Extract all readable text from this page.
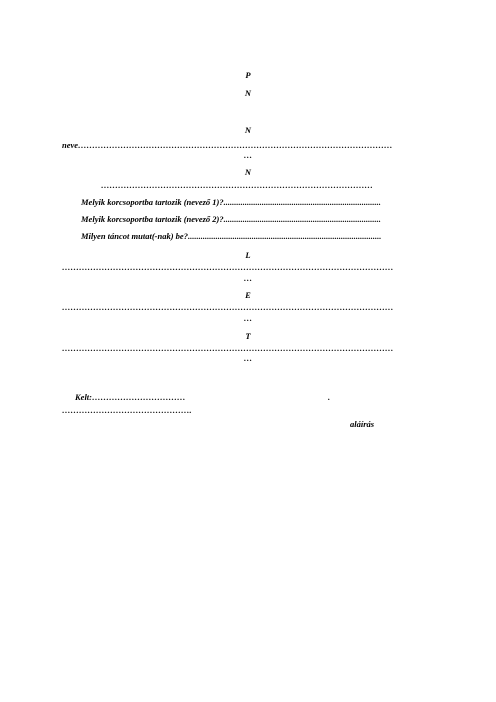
P
N
N
neve…………………………………………………………………………………………………
…
N
……………………………………………………………………………………
Melyik korcsoportba tartozik (nevező 1)?..........................................................................
Melyik korcsoportba tartozik (nevező 2)?..........................................................................
Milyen táncot mutat(-nak) be?...........................................................................................
L
………………………………………………………………………………………………………
…
E
………………………………………………………………………………………………………
…
T
………………………………………………………………………………………………………
…
Kelt:……………………………	.
……………………………………….
aláírás
